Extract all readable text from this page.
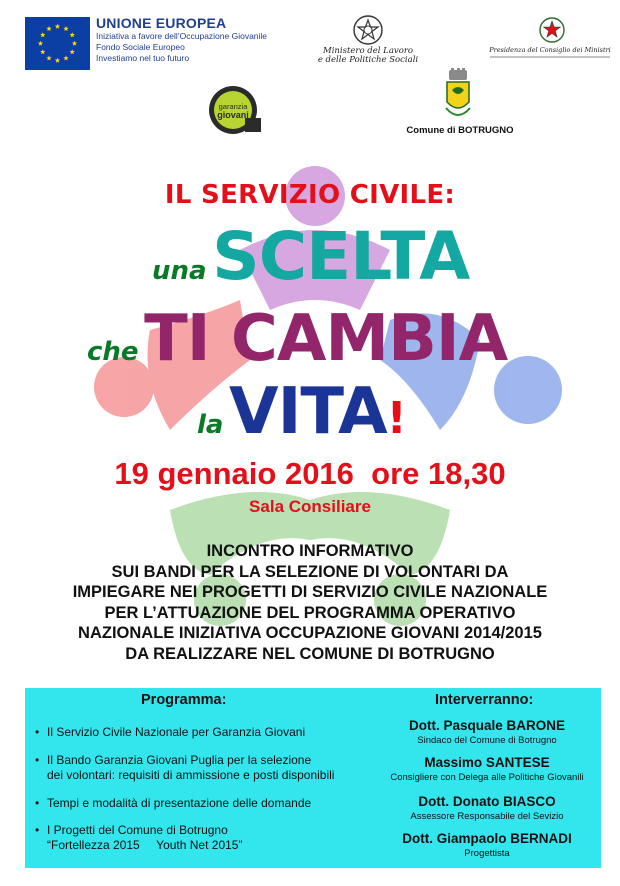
UNIONE EUROPEA
Iniziativa a favore dell’Occupazione Giovanile
Fondo Sociale Europeo
Investiamo nel tuo futuro
Ministero del Lavoro
e delle Politiche Sociali
Presidenza del Consiglio dei Ministri
garanzia
giovani
Comune di BOTRUGNO
IL SERVIZIO CIVILE:
una SCELTA
che TI CAMBIA
la VITA!
19 gennaio 2016  ore 18,30
Sala Consiliare
INCONTRO INFORMATIVO
SUI BANDI PER LA SELEZIONE DI VOLONTARI DA
IMPIEGARE NEI PROGETTI DI SERVIZIO CIVILE NAZIONALE
PER L’ATTUAZIONE DEL PROGRAMMA OPERATIVO
NAZIONALE INIZIATIVA OCCUPAZIONE GIOVANI 2014/2015
DA REALIZZARE NEL COMUNE DI BOTRUGNO
Programma:	Interverranno:
• Il Servizio Civile Nazionale per Garanzia Giovani
• Il Bando Garanzia Giovani Puglia per la selezione
dei volontari: requisiti di ammissione e posti disponibili
• Tempi e modalità di presentazione delle domande
• I Progetti del Comune di Botrugno
“Fortellezza 2015     Youth Net 2015”
Dott. Pasquale BARONE
Sindaco del Comune di Botrugno
Massimo SANTESE
Consigliere con Delega alle Politiche Giovanili
Dott. Donato BIASCO
Assessore Responsabile del Sevizio
Dott. Giampaolo BERNADI
Progettista
